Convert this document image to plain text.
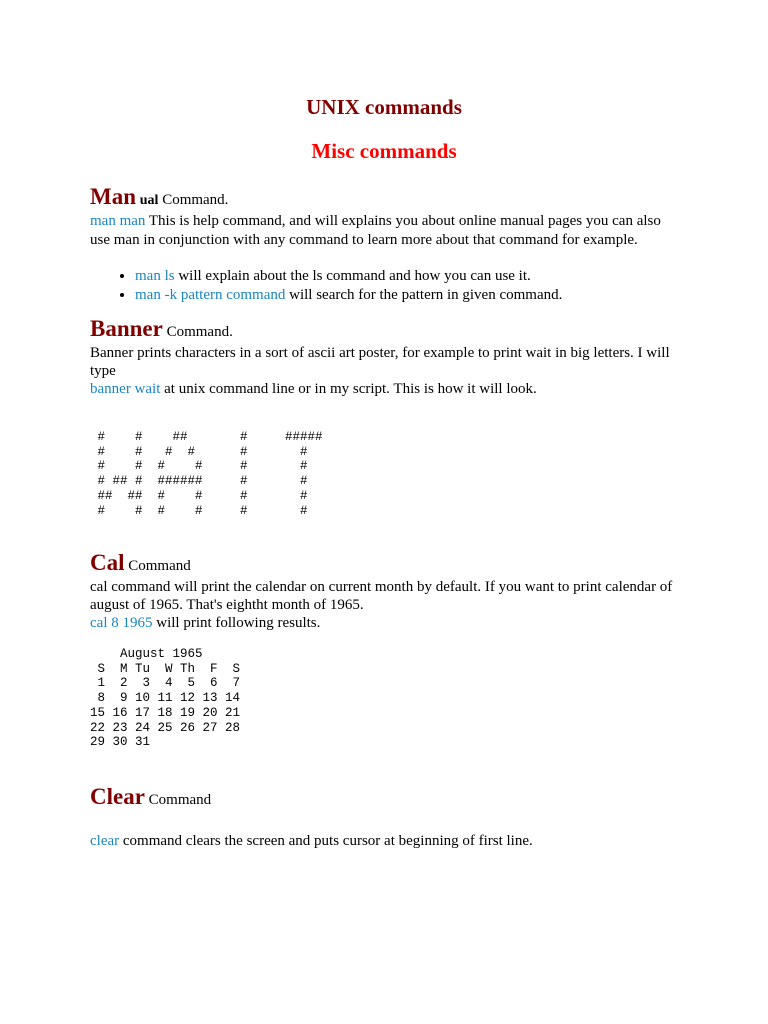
UNIX commands
Misc commands
Man ual Command.

man man This is help command, and will explains you about online manual pages you can also use man in conjunction with any command to learn more about that command for example.

• man ls will explain about the ls command and how you can use it.
• man -k pattern command will search for the pattern in given command.
Banner Command.

Banner prints characters in a sort of ascii art poster, for example to print wait in big letters. I will type
banner wait at unix command line or in my script. This is how it will look.

#    #    ##       #     #####
#    #   #  #      #       #
#    #  #    #     #       #
# ## #  ######     #       #
##  ##  #    #     #       #
#    #  #    #     #       #
Cal Command

cal command will print the calendar on current month by default. If you want to print calendar of august of 1965. That's eightht month of 1965.
cal 8 1965 will print following results.

August 1965
S  M Tu  W Th  F  S
1  2  3  4  5  6  7
8  9 10 11 12 13 14
15 16 17 18 19 20 21
22 23 24 25 26 27 28
29 30 31
Clear Command

clear command clears the screen and puts cursor at beginning of first line.
